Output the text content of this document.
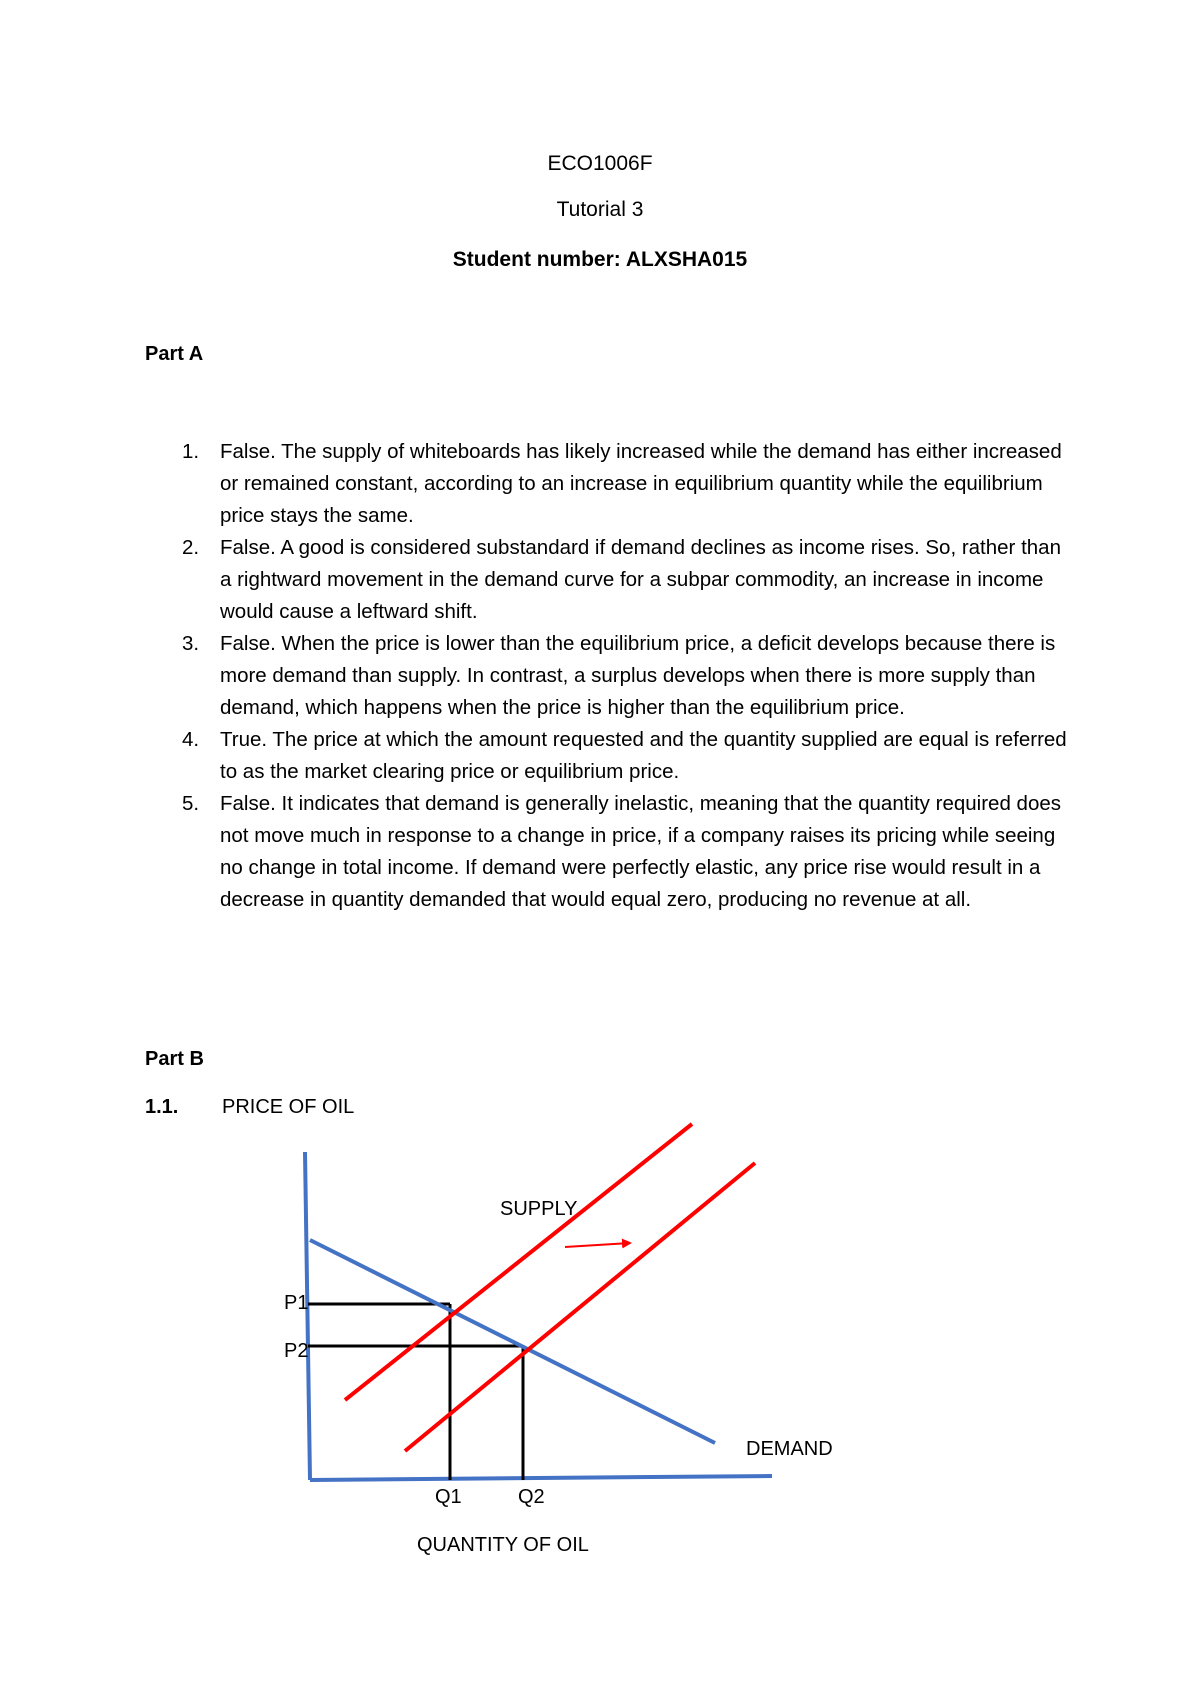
ECO1006F
Tutorial 3
Student number: ALXSHA015
Part A
1. False. The supply of whiteboards has likely increased while the demand has either increased or remained constant, according to an increase in equilibrium quantity while the equilibrium price stays the same.
2. False. A good is considered substandard if demand declines as income rises. So, rather than a rightward movement in the demand curve for a subpar commodity, an increase in income would cause a leftward shift.
3. False. When the price is lower than the equilibrium price, a deficit develops because there is more demand than supply. In contrast, a surplus develops when there is more supply than demand, which happens when the price is higher than the equilibrium price.
4. True. The price at which the amount requested and the quantity supplied are equal is referred to as the market clearing price or equilibrium price.
5. False. It indicates that demand is generally inelastic, meaning that the quantity required does not move much in response to a change in price, if a company raises its pricing while seeing no change in total income. If demand were perfectly elastic, any price rise would result in a decrease in quantity demanded that would equal zero, producing no revenue at all.
Part B
1.1. PRICE OF OIL
SUPPLY
DEMAND
P1
P2
Q1	Q2
QUANTITY OF OIL
